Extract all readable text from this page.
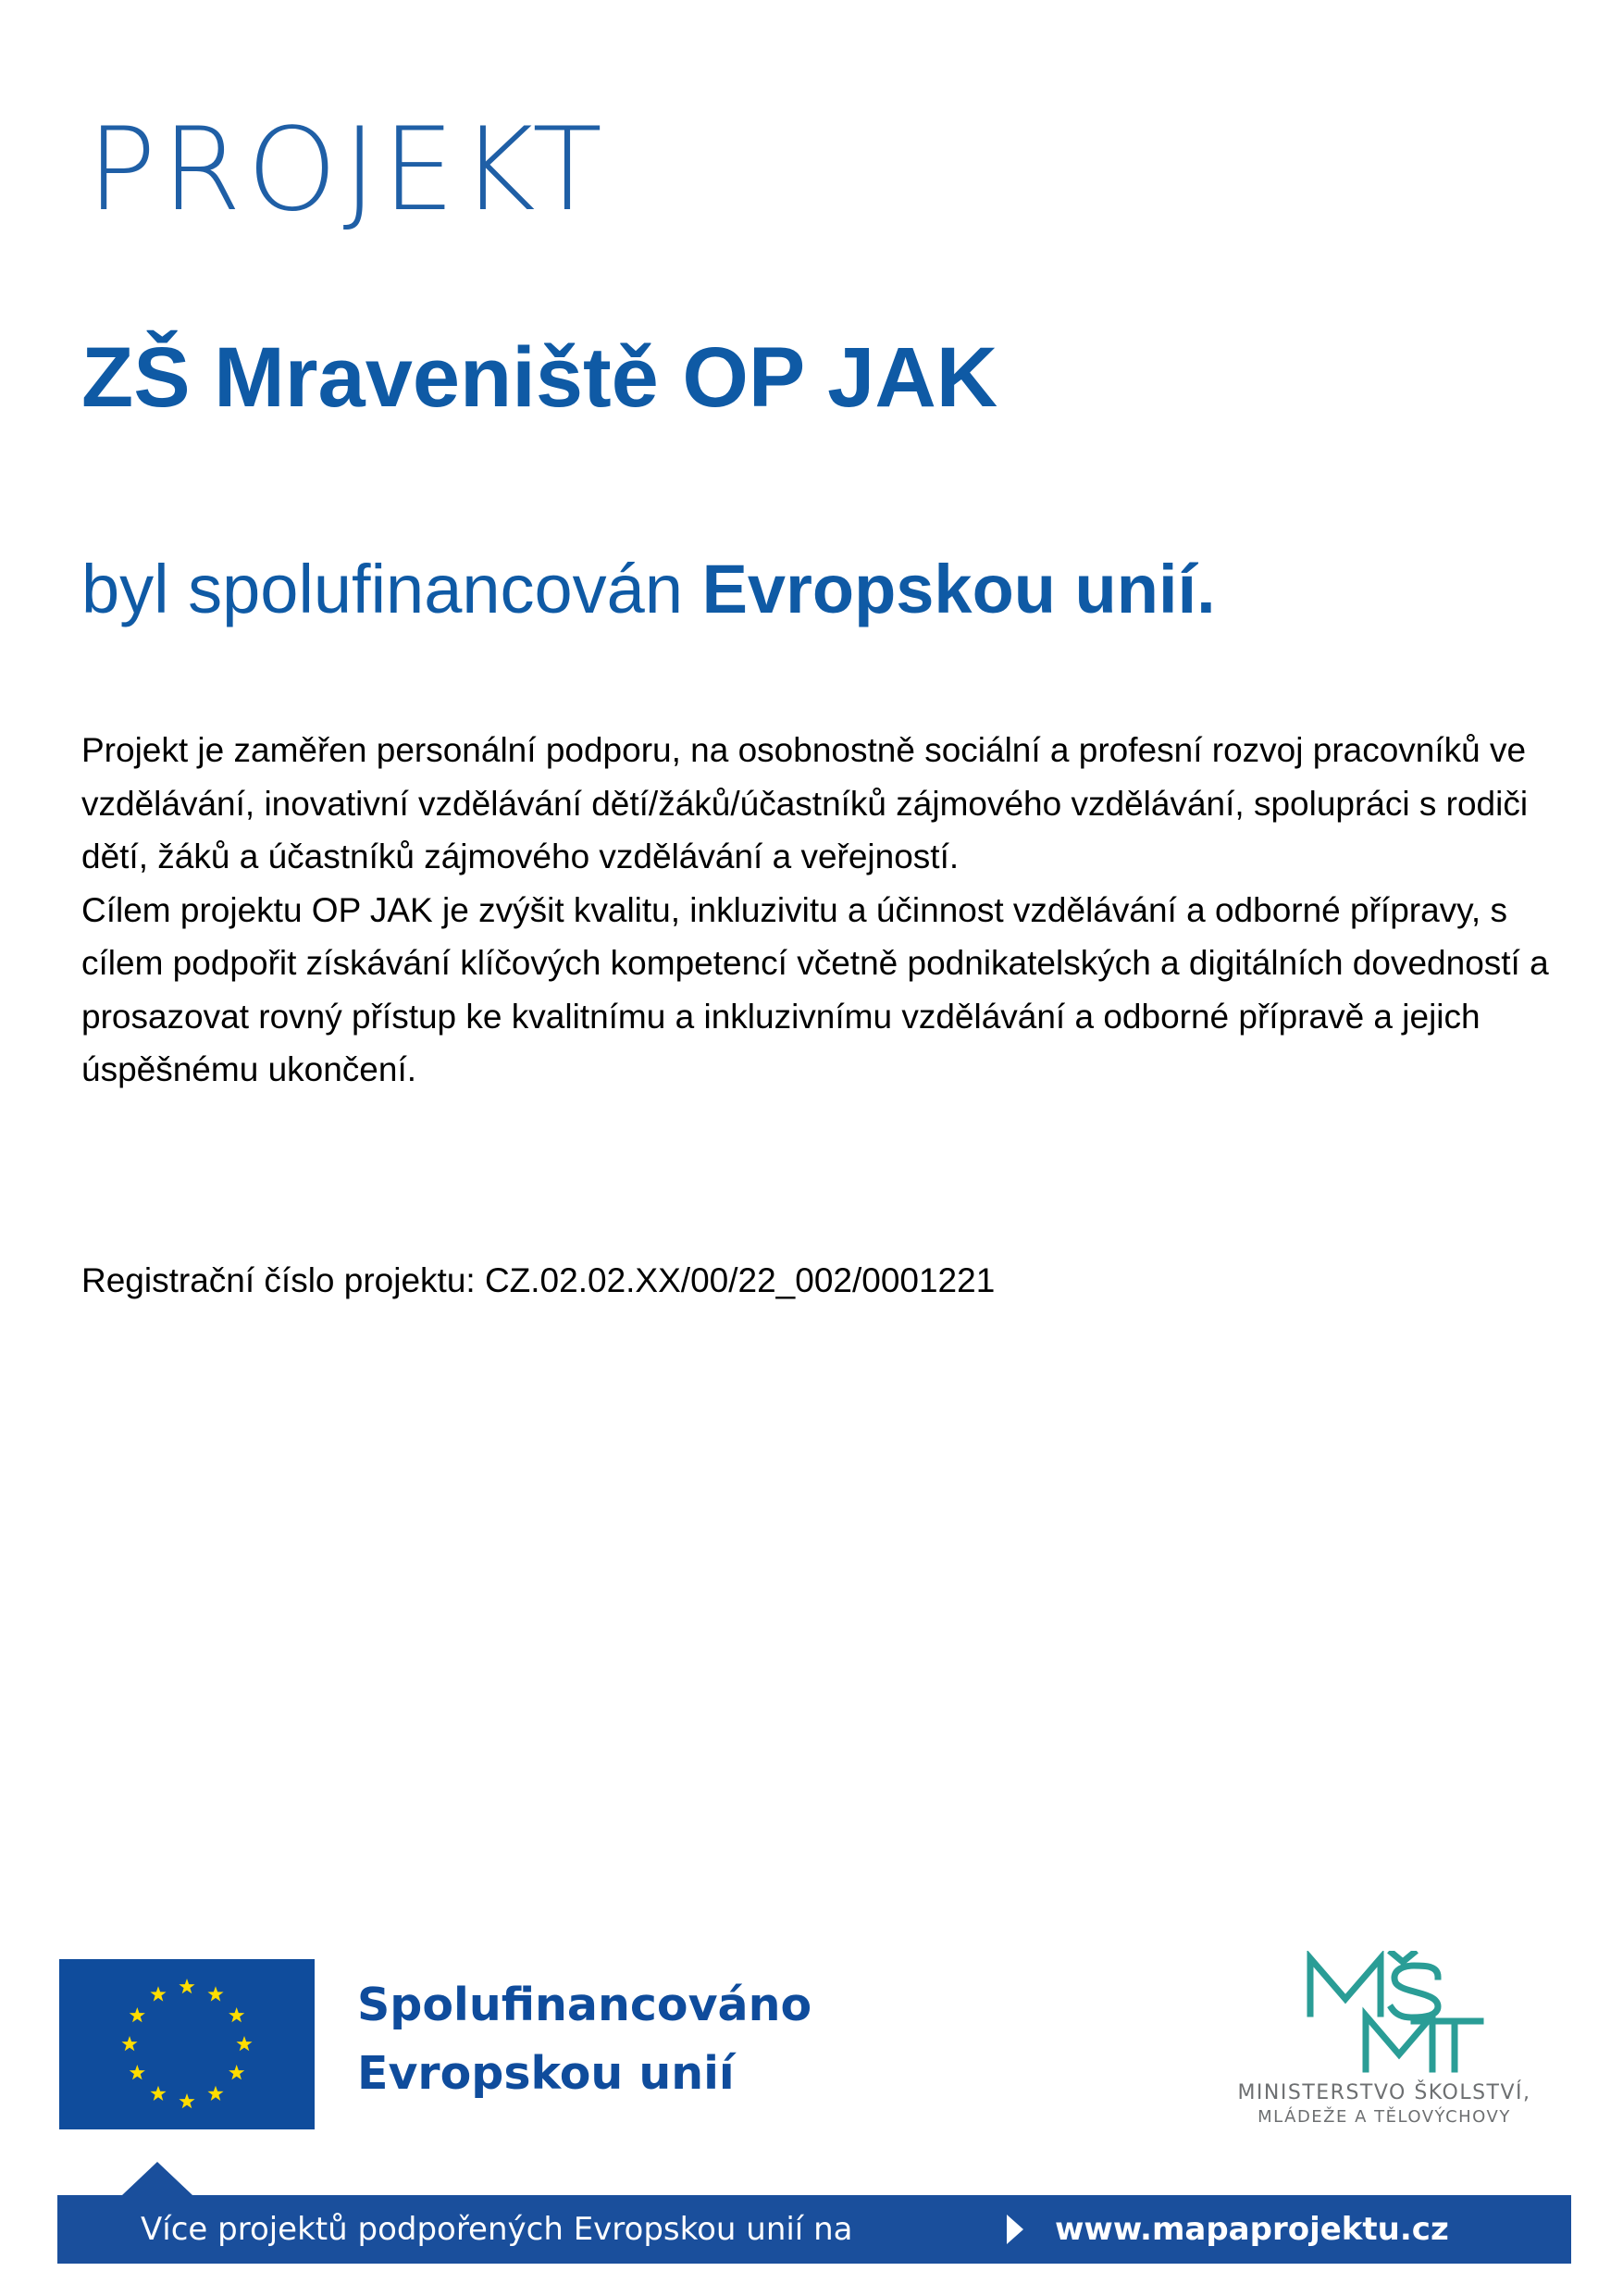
PROJEKT
ZŠ Mraveniště OP JAK
byl spolufinancován Evropskou unií.

Projekt je zaměřen personální podporu, na osobnostně sociální a profesní rozvoj pracovníků ve vzdělávání, inovativní vzdělávání dětí/žáků/účastníků zájmového vzdělávání, spolupráci s rodiči dětí, žáků a účastníků zájmového vzdělávání a veřejností.

Cílem projektu OP JAK je zvýšit kvalitu, inkluzivitu a účinnost vzdělávání a odborné přípravy, s cílem podpořit získávání klíčových kompetencí včetně podnikatelských a digitálních dovedností a prosazovat rovný přístup ke kvalitnímu a inkluzivnímu vzdělávání a odborné přípravě a jejich úspěšnému ukončení.

Registrační číslo projektu: CZ.02.02.XX/00/22_002/0001221
Spolufinancováno
Evropskou unií	MINISTERSTVO ŠKOLSTVÍ,
MLÁDEŽE A TĚLOVÝCHOVY
Více projektů podpořených Evropskou unií na	www.mapaprojektu.cz
